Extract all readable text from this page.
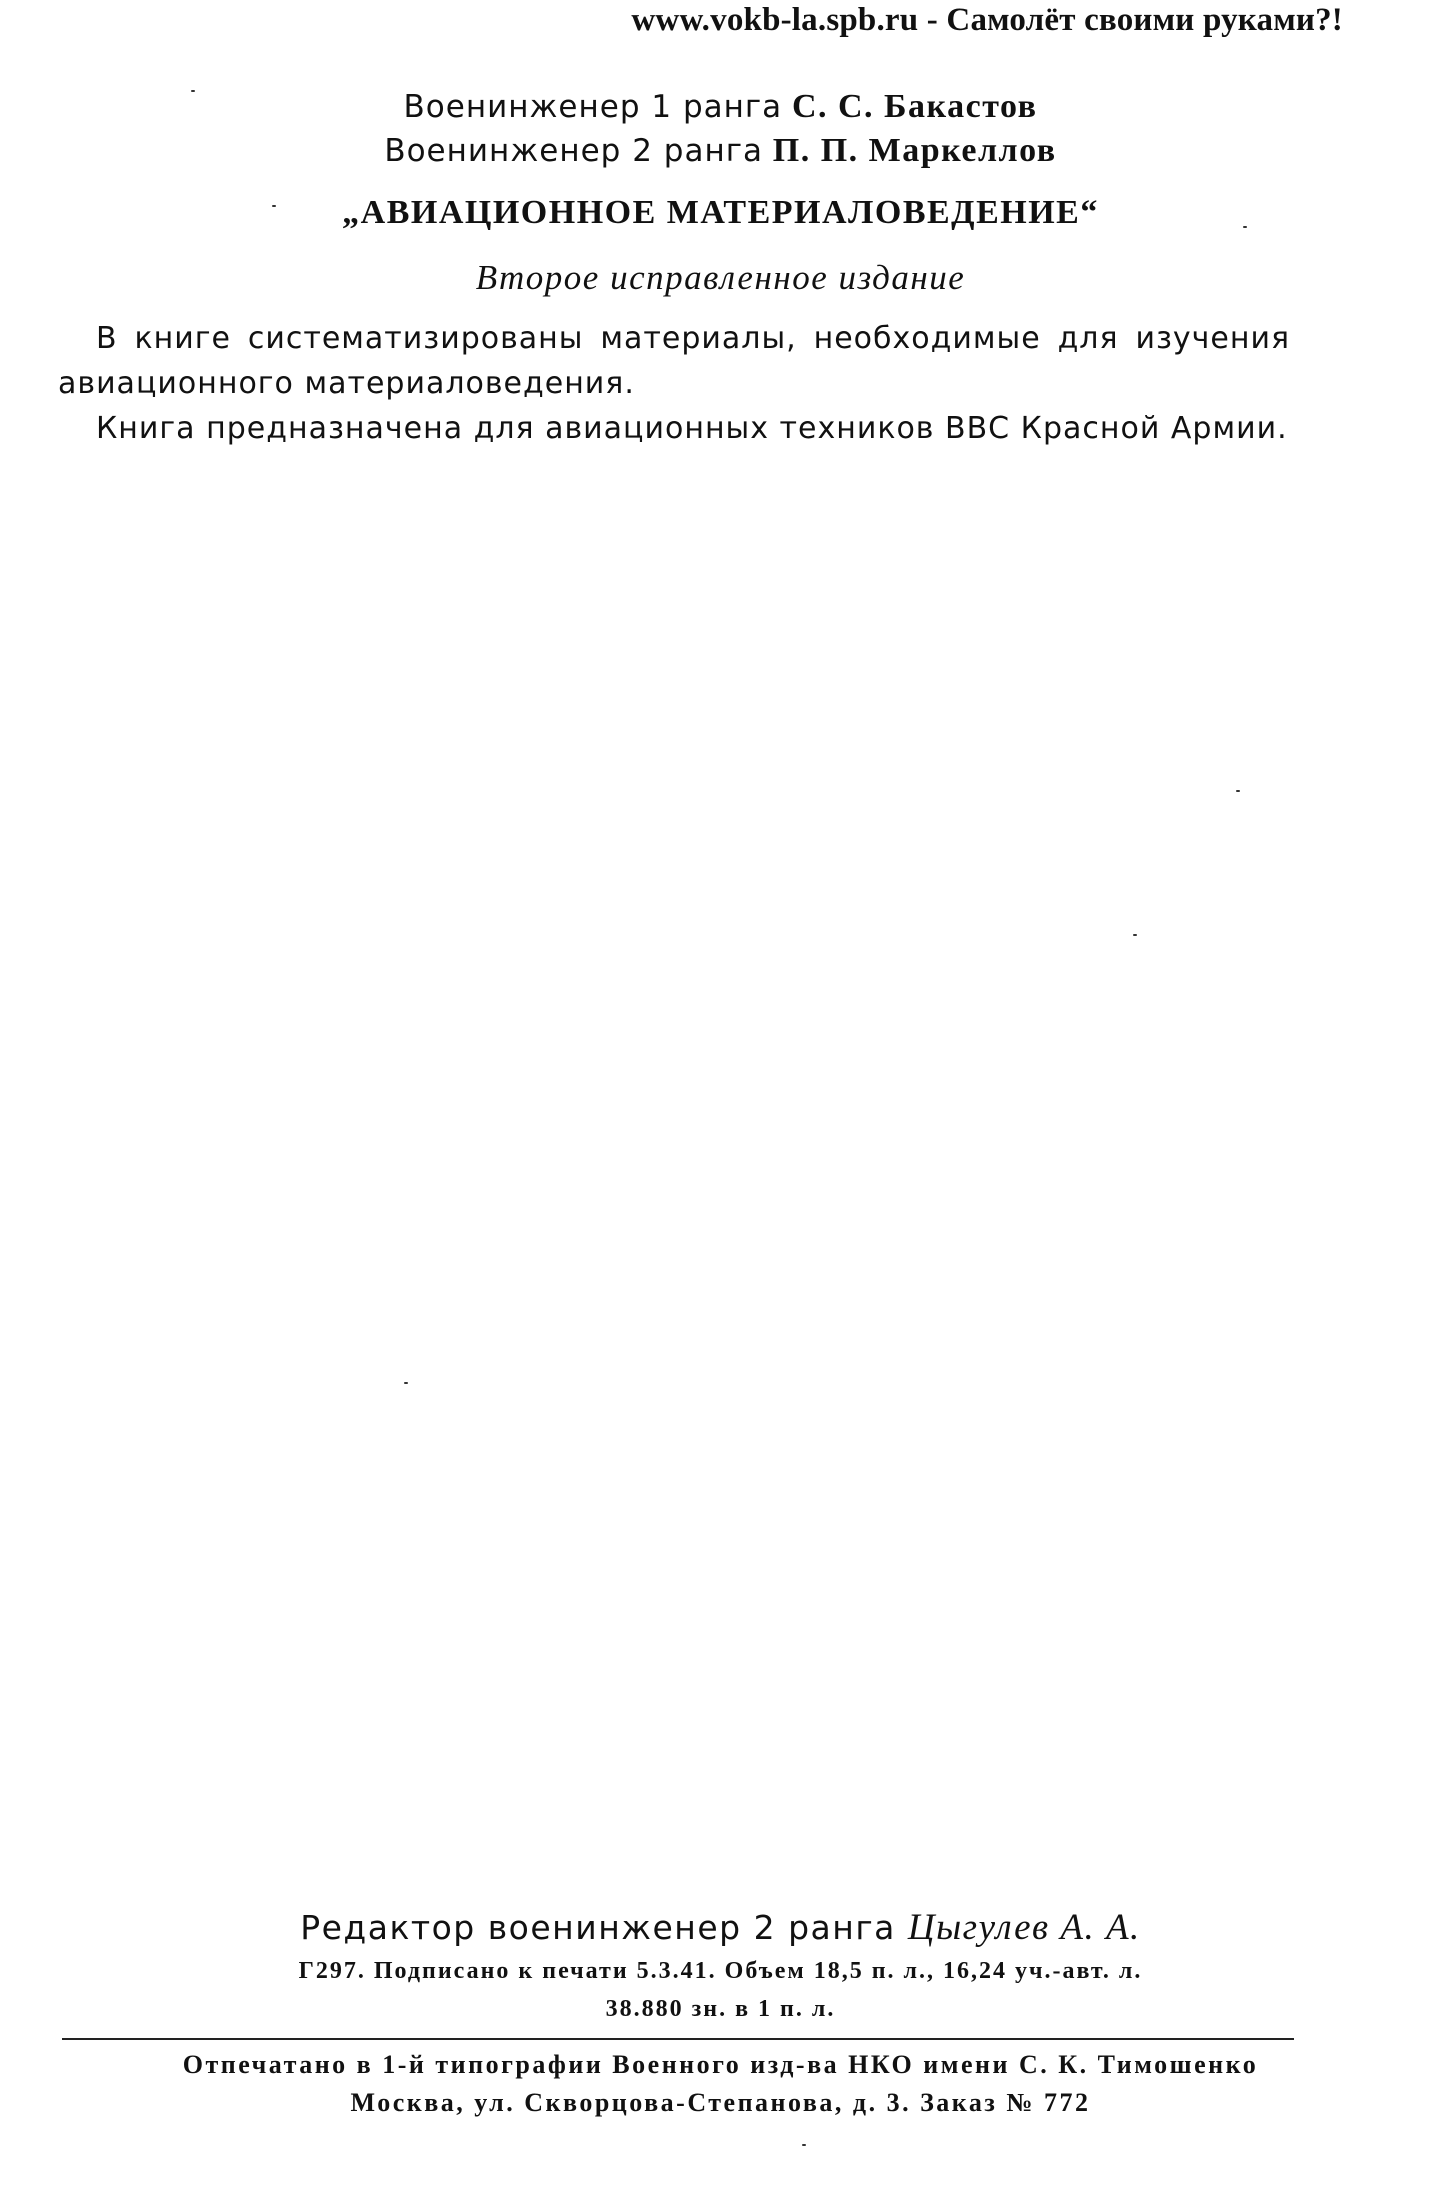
www.vokb-la.spb.ru - Самолёт своими руками?!
Военинженер 1 ранга С. С. Бакастов
Военинженер 2 ранга П. П. Маркеллов
„АВИАЦИОННОЕ МАТЕРИАЛОВЕДЕНИЕ“
Второе исправленное издание
В книге систематизированы материалы, необходимые для изучения авиационного материаловедения.
Книга предназначена для авиационных техников ВВС Красной Армии.
Редактор военинженер 2 ранга Цыгулев А. А.
Г297. Подписано к печати 5.3.41. Объем 18,5 п. л., 16,24 уч.-авт. л.
38.880 зн. в 1 п. л.
Отпечатано в 1-й типографии Военного изд-ва НКО имени С. К. Тимошенко
Москва, ул. Скворцова-Степанова, д. 3. Заказ № 772
